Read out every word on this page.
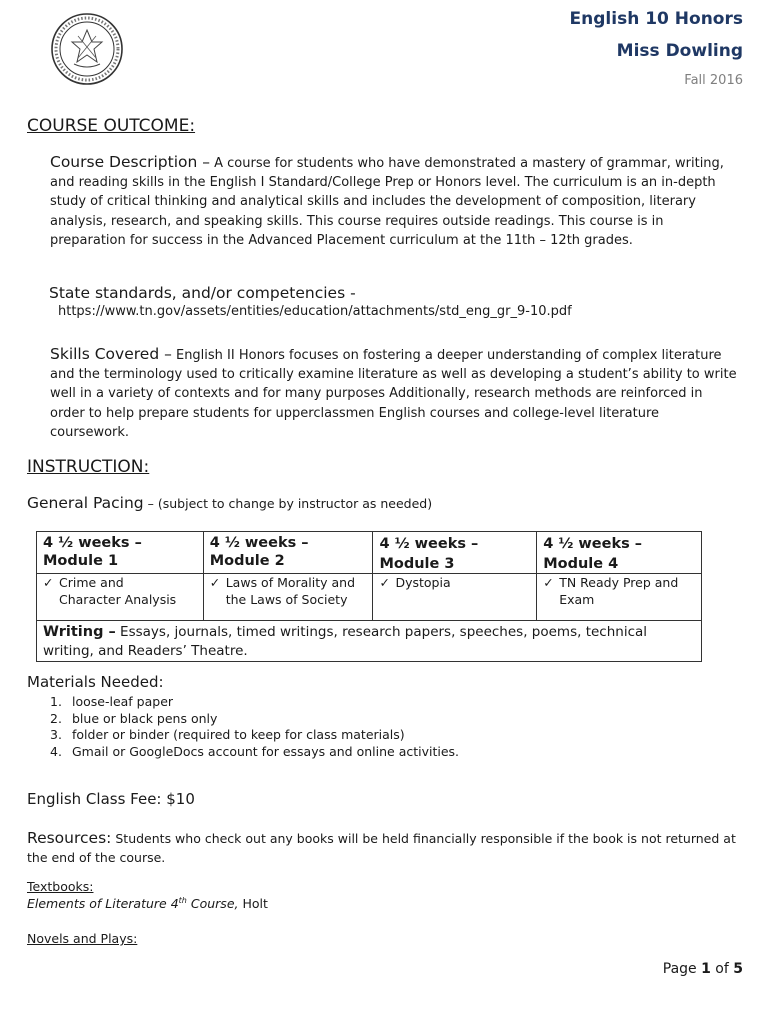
English 10 Honors
Miss Dowling
Fall 2016
COURSE OUTCOME:
Course Description – A course for students who have demonstrated a mastery of grammar, writing, and reading skills in the English I Standard/College Prep or Honors level. The curriculum is an in-depth study of critical thinking and analytical skills and includes the development of composition, literary analysis, research, and speaking skills. This course requires outside readings. This course is in preparation for success in the Advanced Placement curriculum at the 11th – 12th grades.
State standards, and/or competencies -
https://www.tn.gov/assets/entities/education/attachments/std_eng_gr_9-10.pdf
Skills Covered – English II Honors focuses on fostering a deeper understanding of complex literature and the terminology used to critically examine literature as well as developing a student’s ability to write well in a variety of contexts and for many purposes Additionally, research methods are reinforced in order to help prepare students for upperclassmen English courses and college-level literature coursework.
INSTRUCTION:
General Pacing – (subject to change by instructor as needed)
4 ½ weeks –
Module 1	4 ½ weeks –
Module 2	4 ½ weeks –
Module 3	4 ½ weeks –
Module 4
✓ Crime and Character Analysis	✓ Laws of Morality and the Laws of Society	✓ Dystopia	✓ TN Ready Prep and Exam
Writing – Essays, journals, timed writings, research papers, speeches, poems, technical writing, and Readers’ Theatre.			
Materials Needed:
1. loose-leaf paper
2. blue or black pens only
3. folder or binder (required to keep for class materials)
4. Gmail or GoogleDocs account for essays and online activities.
English Class Fee: $10
Resources: Students who check out any books will be held financially responsible if the book is not returned at the end of the course.
Textbooks:
Elements of Literature 4th Course, Holt
Novels and Plays:
Page 1 of 5
